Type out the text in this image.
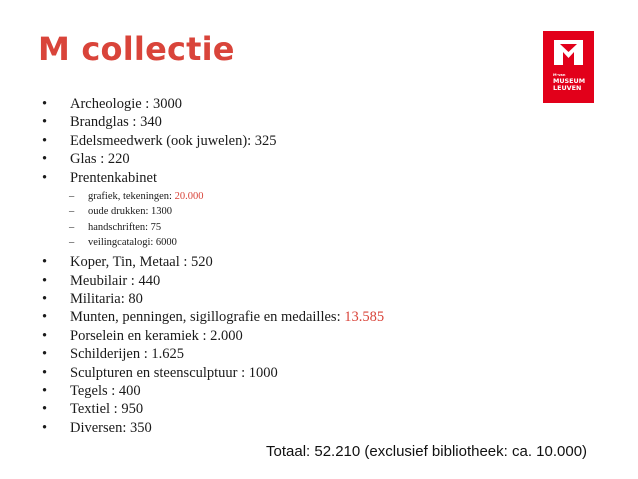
M collectie
M-van
MUSEUM
LEUVEN
• Archeologie : 3000
• Brandglas : 340
• Edelsmeedwerk (ook juwelen): 325
• Glas : 220
• Prentenkabinet
– grafiek, tekeningen: 20.000
– oude drukken: 1300
– handschriften: 75
– veilingcatalogi: 6000
• Koper, Tin, Metaal : 520
• Meubilair : 440
• Militaria: 80
• Munten, penningen, sigillografie en medailles: 13.585
• Porselein en keramiek : 2.000
• Schilderijen : 1.625
• Sculpturen en steensculptuur : 1000
• Tegels : 400
• Textiel : 950
• Diversen: 350

Totaal: 52.210 (exclusief bibliotheek: ca. 10.000)
